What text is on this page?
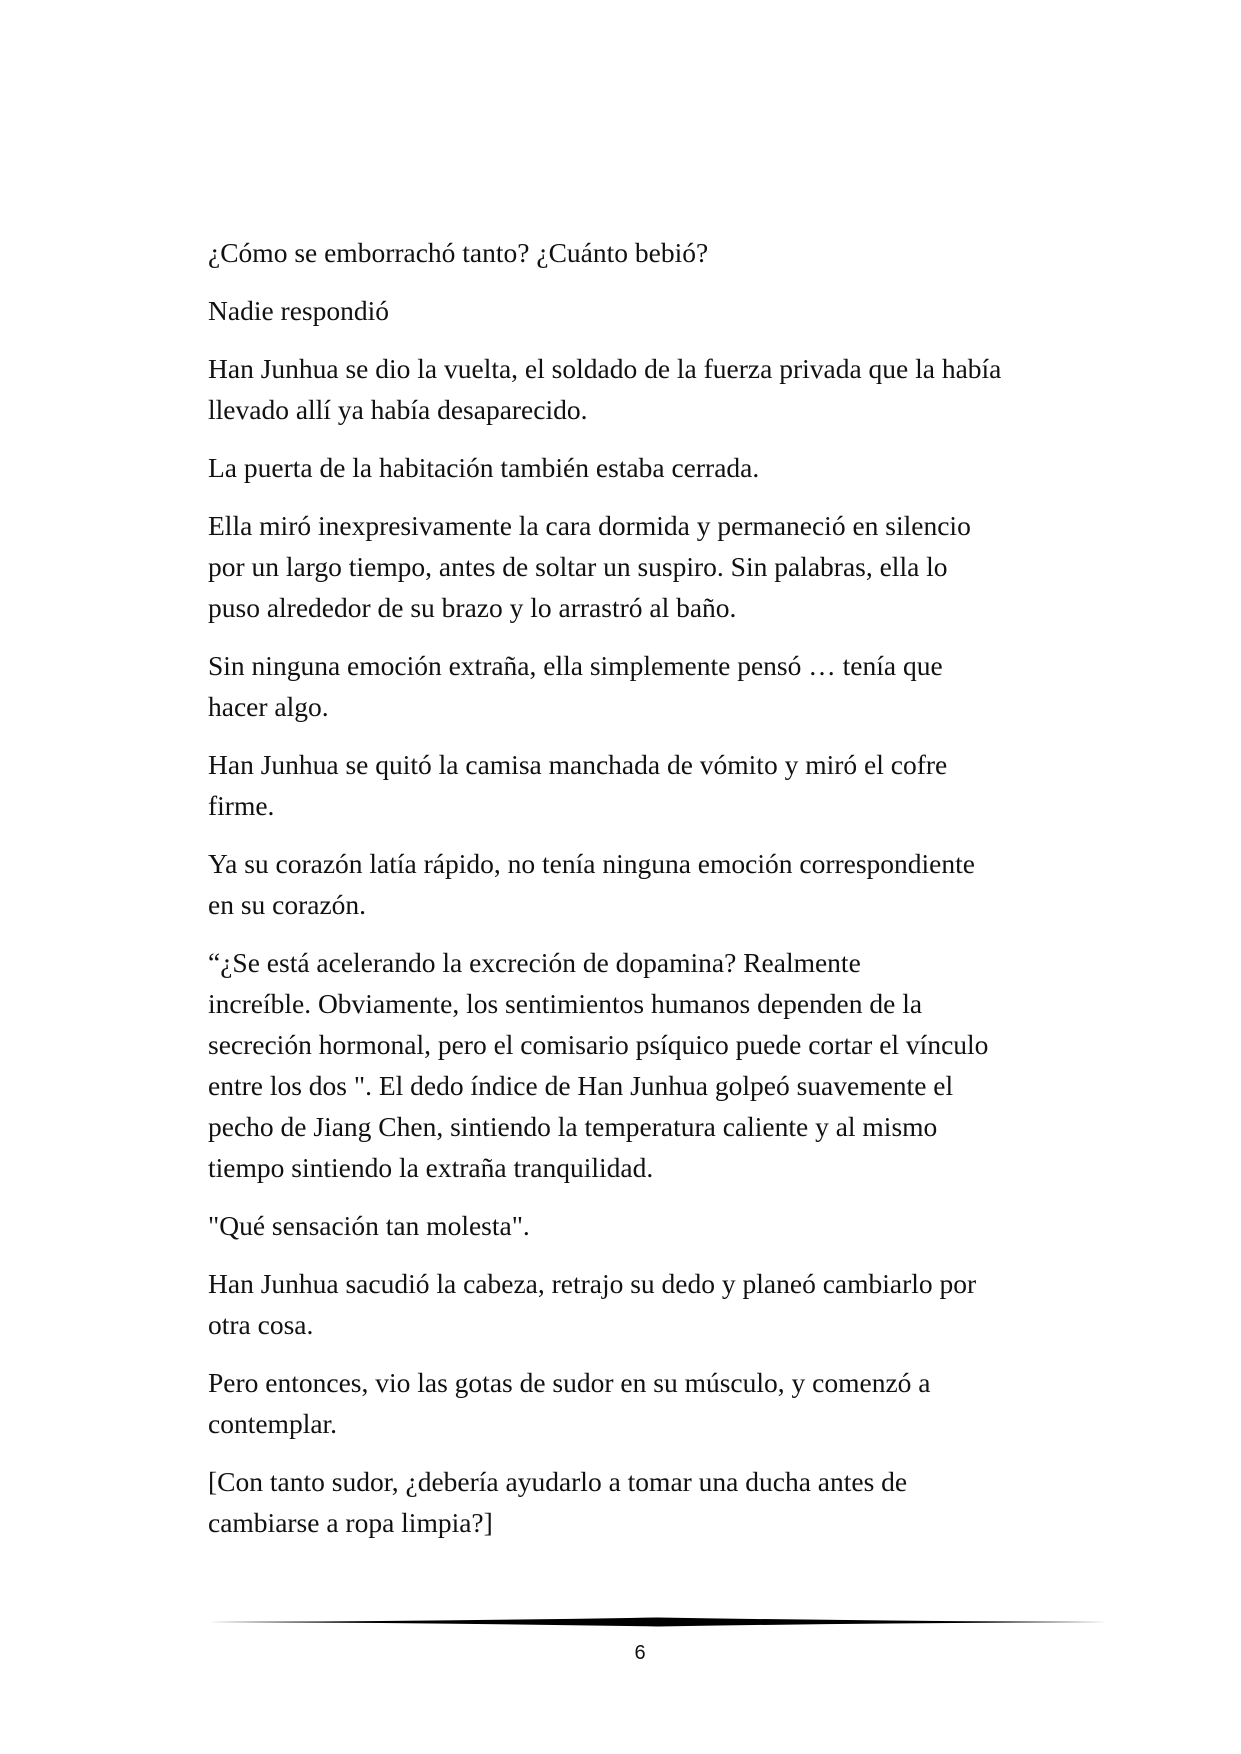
¿Cómo se emborrachó tanto? ¿Cuánto bebió?

Nadie respondió

Han Junhua se dio la vuelta, el soldado de la fuerza privada que la había
llevado allí ya había desaparecido.

La puerta de la habitación también estaba cerrada.

Ella miró inexpresivamente la cara dormida y permaneció en silencio
por un largo tiempo, antes de soltar un suspiro. Sin palabras, ella lo
puso alrededor de su brazo y lo arrastró al baño.

Sin ninguna emoción extraña, ella simplemente pensó … tenía que
hacer algo.

Han Junhua se quitó la camisa manchada de vómito y miró el cofre
firme.

Ya su corazón latía rápido, no tenía ninguna emoción correspondiente
en su corazón.

“¿Se está acelerando la excreción de dopamina? Realmente
increíble. Obviamente, los sentimientos humanos dependen de la
secreción hormonal, pero el comisario psíquico puede cortar el vínculo
entre los dos ". El dedo índice de Han Junhua golpeó suavemente el
pecho de Jiang Chen, sintiendo la temperatura caliente y al mismo
tiempo sintiendo la extraña tranquilidad.

"Qué sensación tan molesta".

Han Junhua sacudió la cabeza, retrajo su dedo y planeó cambiarlo por
otra cosa.

Pero entonces, vio las gotas de sudor en su músculo, y comenzó a
contemplar.

[Con tanto sudor, ¿debería ayudarlo a tomar una ducha antes de
cambiarse a ropa limpia?]

6
